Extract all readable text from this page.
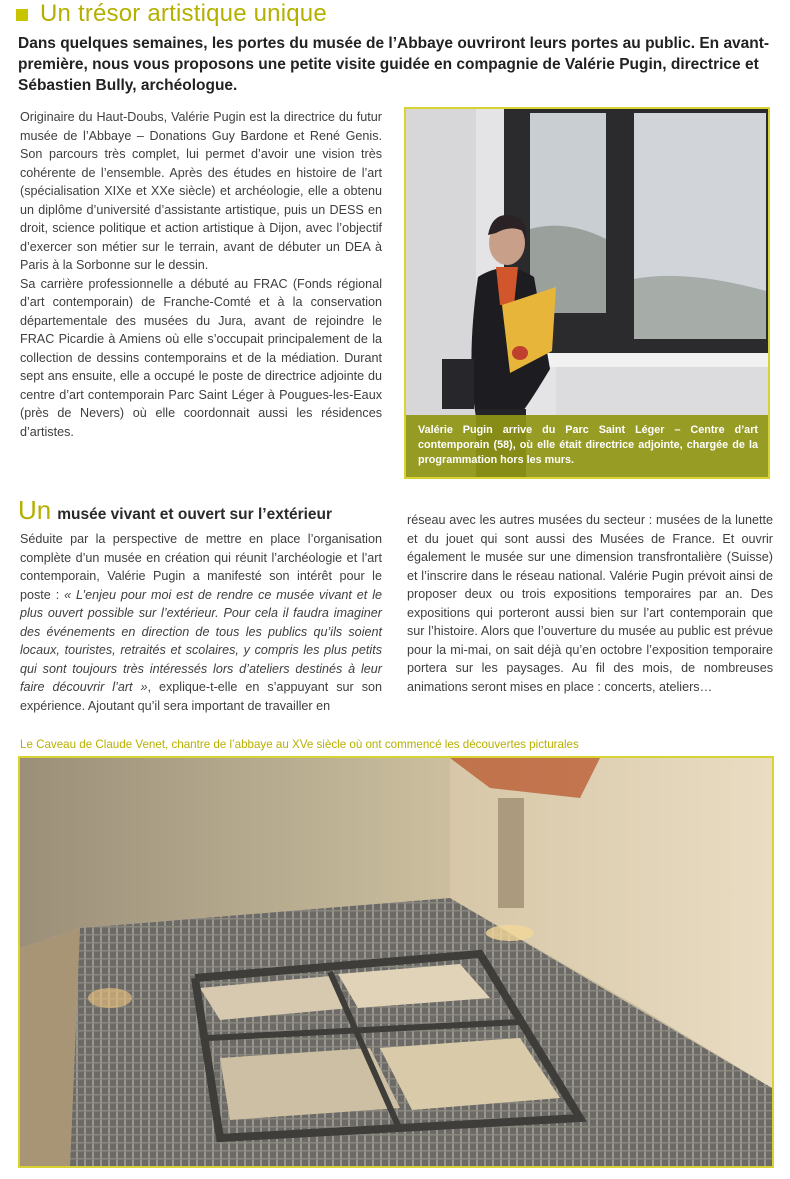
Un trésor artistique unique
Dans quelques semaines, les portes du musée de l’Abbaye ouvriront leurs portes au public. En avant-première, nous vous proposons une petite visite guidée en compagnie de Valérie Pugin, directrice et Sébastien Bully, archéologue.

Originaire du Haut-Doubs, Valérie Pugin est la directrice du futur musée de l’Abbaye – Donations Guy Bardone et René Genis. Son parcours très complet, lui permet d’avoir une vision très cohérente de l’ensemble. Après des études en histoire de l’art (spécialisation XIXe et XXe siècle) et archéologie, elle a obtenu un diplôme d’université d’assistante artistique, puis un DESS en droit, science politique et action artistique à Dijon, avec l’objectif d’exercer son métier sur le terrain, avant de débuter un DEA à Paris à la Sorbonne sur le dessin.

Sa carrière professionnelle a débuté au FRAC (Fonds régional d’art contemporain) de Franche-Comté et à la conservation départementale des musées du Jura, avant de rejoindre le FRAC Picardie à Amiens où elle s’occupait principalement de la collection de dessins contemporains et de la médiation. Durant sept ans ensuite, elle a occupé le poste de directrice adjointe du centre d’art contemporain Parc Saint Léger à Pougues-les-Eaux (près de Nevers) où elle coordonnait aussi les résidences d’artistes.	Valérie Pugin arrive du Parc Saint Léger – Centre d’art contemporain (58), où elle était directrice adjointe, chargée de la programmation hors les murs.
Un musée vivant et ouvert sur l’extérieur

Séduite par la perspective de mettre en place l’organisation complète d’un musée en création qui réunit l’archéologie et l’art contemporain, Valérie Pugin a manifesté son intérêt pour le poste : « L’enjeu pour moi est de rendre ce musée vivant et le plus ouvert possible sur l’extérieur. Pour cela il faudra imaginer des événements en direction de tous les publics qu’ils soient locaux, touristes, retraités et scolaires, y compris les plus petits qui sont toujours très intéressés lors d’ateliers destinés à leur faire découvrir l’art », explique-t-elle en s’appuyant sur son expérience. Ajoutant qu’il sera important de travailler en

réseau avec les autres musées du secteur : musées de la lunette et du jouet qui sont aussi des Musées de France. Et ouvrir également le musée sur une dimension transfrontalière (Suisse) et l’inscrire dans le réseau national. Valérie Pugin prévoit ainsi de proposer deux ou trois expositions temporaires par an. Des expositions qui porteront aussi bien sur l’art contemporain que sur l’histoire. Alors que l’ouverture du musée au public est prévue pour la mi-mai, on sait déjà qu’en octobre l’exposition temporaire portera sur les paysages. Au fil des mois, de nombreuses animations seront mises en place : concerts, ateliers…

Le Caveau de Claude Venet, chantre de l’abbaye au XVe siècle où ont commencé les découvertes picturales
